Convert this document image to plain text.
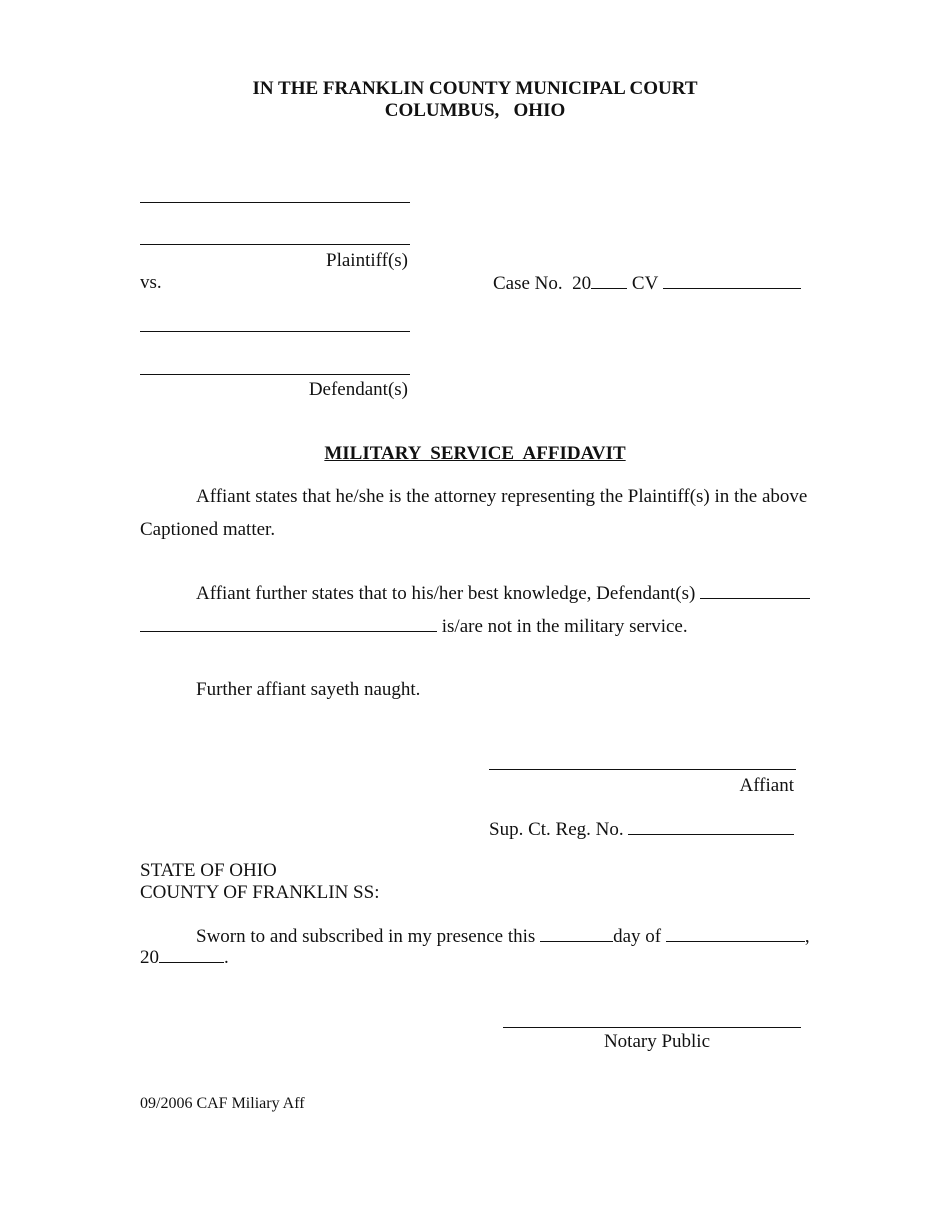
IN THE FRANKLIN COUNTY MUNICIPAL COURT
COLUMBUS,   OHIO
Plaintiff(s)
vs.	Case No.  20 CV
Defendant(s)
MILITARY  SERVICE  AFFIDAVIT
Affiant states that he/she is the attorney representing the Plaintiff(s) in the above
Captioned matter.
Affiant further states that to his/her best knowledge, Defendant(s)
is/are not in the military service.
Further affiant sayeth naught.
Affiant
Sup. Ct. Reg. No.
STATE OF OHIO
COUNTY OF FRANKLIN SS:
Sworn to and subscribed in my presence this	day of	,
20	.
Notary Public
09/2006 CAF Miliary Aff
